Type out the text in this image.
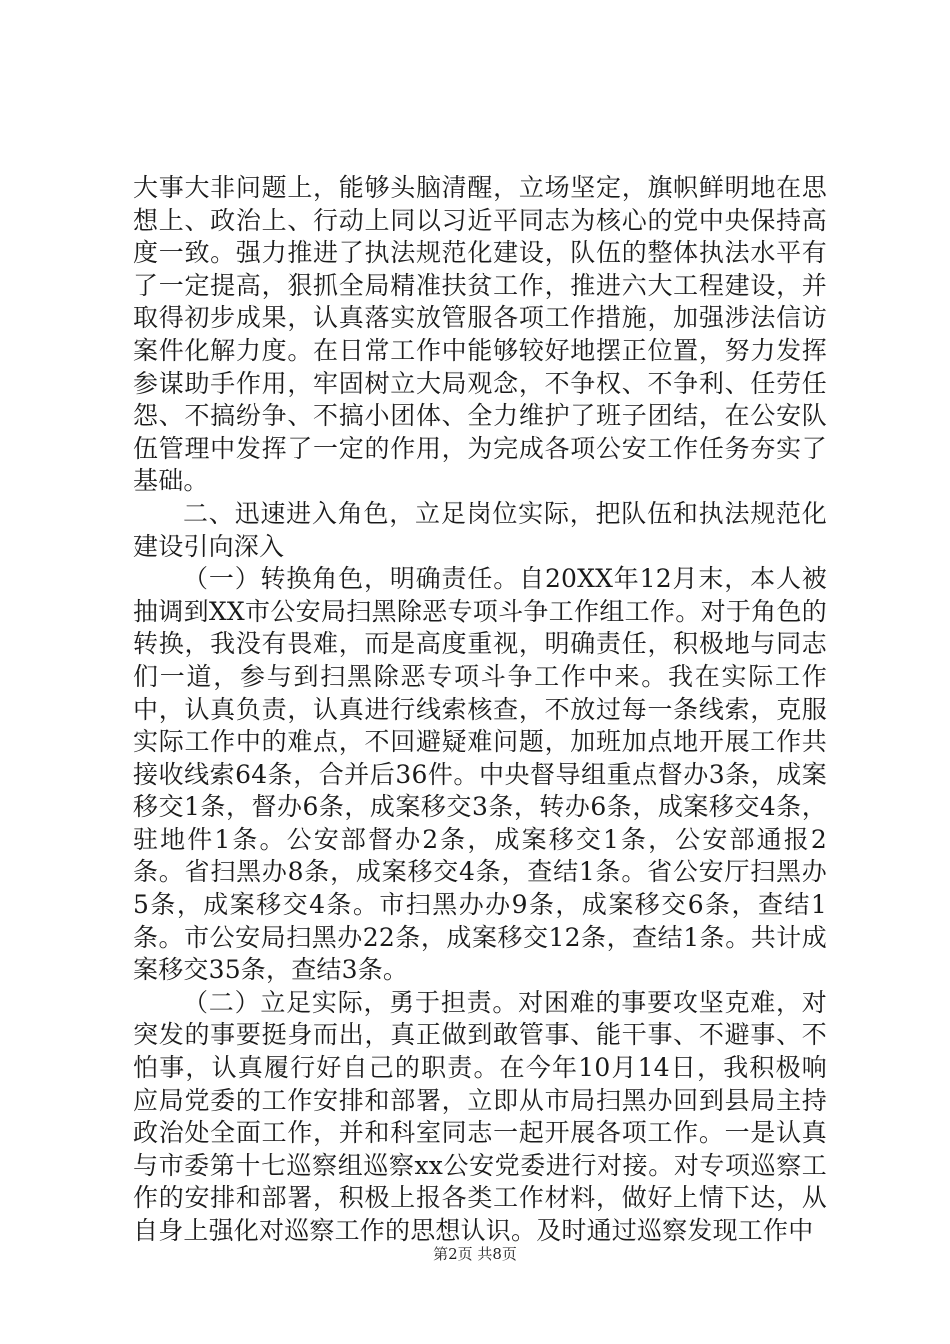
大事大非问题上，能够头脑清醒，立场坚定，旗帜鲜明地在思想上、政治上、行动上同以习近平同志为核心的党中央保持高度一致。强力推进了执法规范化建设，队伍的整体执法水平有了一定提高，狠抓全局精准扶贫工作，推进六大工程建设，并取得初步成果，认真落实放管服各项工作措施，加强涉法信访案件化解力度。在日常工作中能够较好地摆正位置，努力发挥参谋助手作用，牢固树立大局观念，不争权、不争利、任劳任怨、不搞纷争、不搞小团体、全力维护了班子团结，在公安队伍管理中发挥了一定的作用，为完成各项公安工作任务夯实了基础。

二、迅速进入角色，立足岗位实际，把队伍和执法规范化建设引向深入

（一）转换角色，明确责任。自20XX年12月末，本人被抽调到XX市公安局扫黑除恶专项斗争工作组工作。对于角色的转换，我没有畏难，而是高度重视，明确责任，积极地与同志们一道，参与到扫黑除恶专项斗争工作中来。我在实际工作中，认真负责，认真进行线索核查，不放过每一条线索，克服实际工作中的难点，不回避疑难问题，加班加点地开展工作共接收线索64条，合并后36件。中央督导组重点督办3条，成案移交1条，督办6条，成案移交3条，转办6条，成案移交4条，驻地件1条。公安部督办2条，成案移交1条，公安部通报2条。省扫黑办8条，成案移交4条，查结1条。省公安厅扫黑办5条，成案移交4条。市扫黑办办9条，成案移交6条，查结1条。市公安局扫黑办22条，成案移交12条，查结1条。共计成案移交35条，查结3条。

（二）立足实际，勇于担责。对困难的事要攻坚克难，对突发的事要挺身而出，真正做到敢管事、能干事、不避事、不怕事，认真履行好自己的职责。在今年10月14日，我积极响应局党委的工作安排和部署，立即从市局扫黑办回到县局主持政治处全面工作，并和科室同志一起开展各项工作。一是认真与市委第十七巡察组巡察xx公安党委进行对接。对专项巡察工作的安排和部署，积极上报各类工作材料，做好上情下达，从自身上强化对巡察工作的思想认识。及时通过巡察发现工作中

第2页 共8页
